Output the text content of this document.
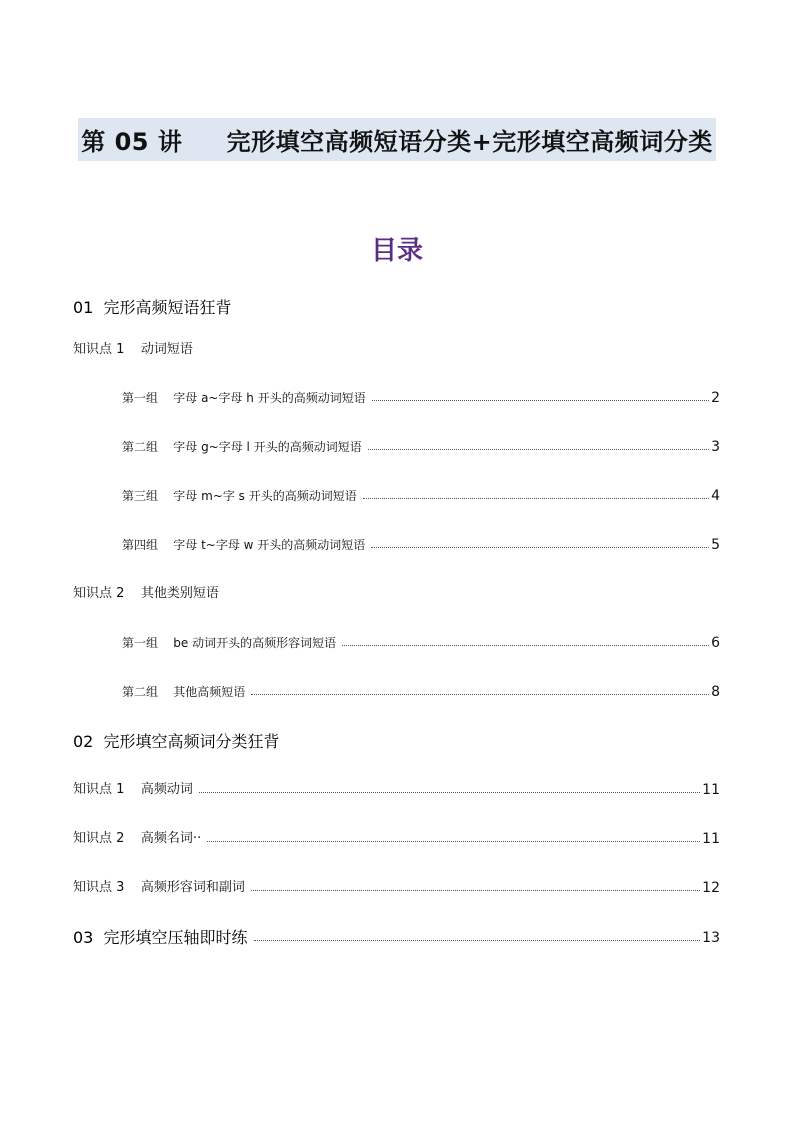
第 05 讲     完形填空高频短语分类+完形填空高频词分类
目录
01  完形高频短语狂背
知识点 1    动词短语
第一组    字母 a~字母 h 开头的高频动词短语	2
第二组    字母 g~字母 l 开头的高频动词短语	3
第三组    字母 m~字 s 开头的高频动词短语	4
第四组    字母 t~字母 w 开头的高频动词短语	5
知识点 2    其他类别短语
第一组    be 动词开头的高频形容词短语	6
第二组    其他高频短语	8
02  完形填空高频词分类狂背
知识点 1    高频动词	11
知识点 2    高频名词··	11
知识点 3    高频形容词和副词	12
03  完形填空压轴即时练	13
